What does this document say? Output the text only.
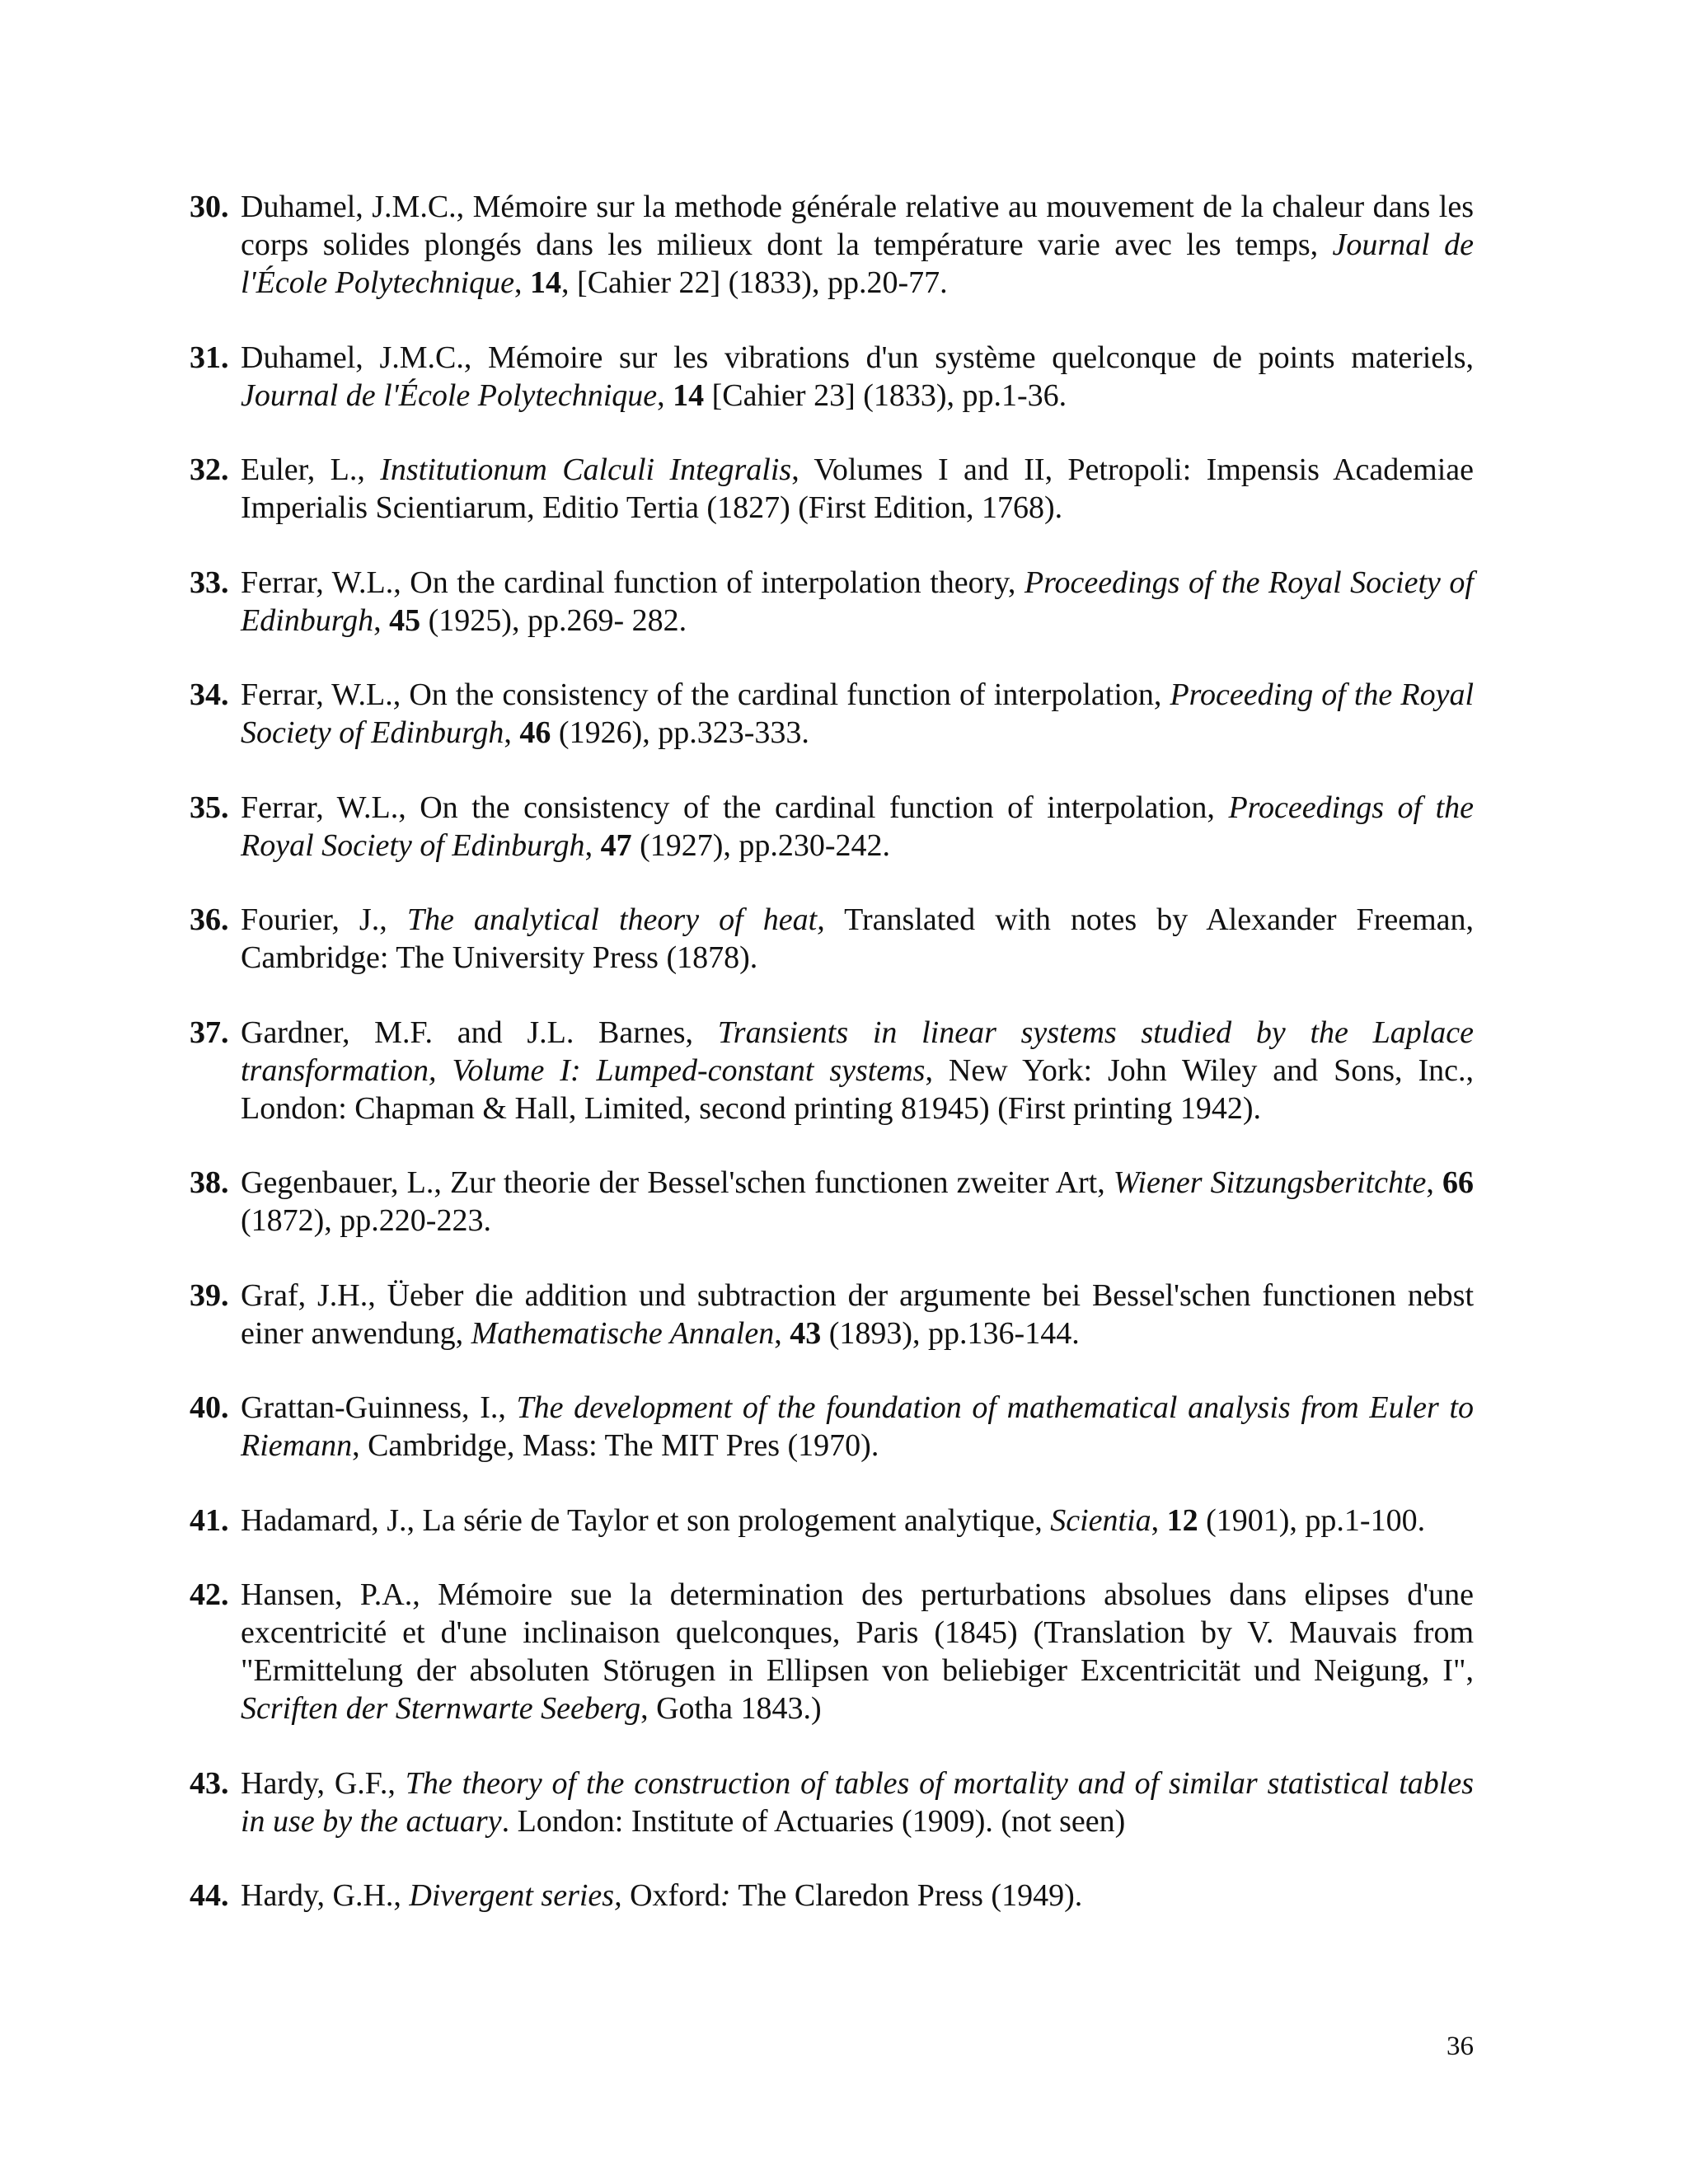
30. Duhamel, J.M.C., Mémoire sur la methode générale relative au mouvement de la chaleur dans les corps solides plongés dans les milieux dont la température varie avec les temps, Journal de l'École Polytechnique, 14, [Cahier 22] (1833), pp.20-77.
31. Duhamel, J.M.C., Mémoire sur les vibrations d'un système quelconque de points materiels, Journal de l'École Polytechnique, 14 [Cahier 23] (1833), pp.1-36.
32. Euler, L., Institutionum Calculi Integralis, Volumes I and II, Petropoli: Impensis Academiae Imperialis Scientiarum, Editio Tertia (1827) (First Edition, 1768).
33. Ferrar, W.L., On the cardinal function of interpolation theory, Proceedings of the Royal Society of Edinburgh, 45 (1925), pp.269- 282.
34. Ferrar, W.L., On the consistency of the cardinal function of interpolation, Proceeding of the Royal Society of Edinburgh, 46 (1926), pp.323-333.
35. Ferrar, W.L., On the consistency of the cardinal function of interpolation, Proceedings of the Royal Society of Edinburgh, 47 (1927), pp.230-242.
36. Fourier, J., The analytical theory of heat, Translated with notes by Alexander Freeman, Cambridge: The University Press (1878).
37. Gardner, M.F. and J.L. Barnes, Transients in linear systems studied by the Laplace transformation, Volume I: Lumped-constant systems, New York: John Wiley and Sons, Inc., London: Chapman & Hall, Limited, second printing 81945) (First printing 1942).
38. Gegenbauer, L., Zur theorie der Bessel'schen functionen zweiter Art, Wiener Sitzungsberitchte, 66 (1872), pp.220-223.
39. Graf, J.H., Üeber die addition und subtraction der argumente bei Bessel'schen functionen nebst einer anwendung, Mathematische Annalen, 43 (1893), pp.136-144.
40. Grattan-Guinness, I., The development of the foundation of mathematical analysis from Euler to Riemann, Cambridge, Mass: The MIT Pres (1970).
41. Hadamard, J., La série de Taylor et son prologement analytique, Scientia, 12 (1901), pp.1-100.
42. Hansen, P.A., Mémoire sue la determination des perturbations absolues dans elipses d'une excentricité et d'une inclinaison quelconques, Paris (1845) (Translation by V. Mauvais from "Ermittelung der absoluten Störugen in Ellipsen von beliebiger Excentricität und Neigung, I", Scriften der Sternwarte Seeberg, Gotha 1843.)
43. Hardy, G.F., The theory of the construction of tables of mortality and of similar statistical tables in use by the actuary. London: Institute of Actuaries (1909). (not seen)
44. Hardy, G.H., Divergent series, Oxford: The Claredon Press (1949).
36
